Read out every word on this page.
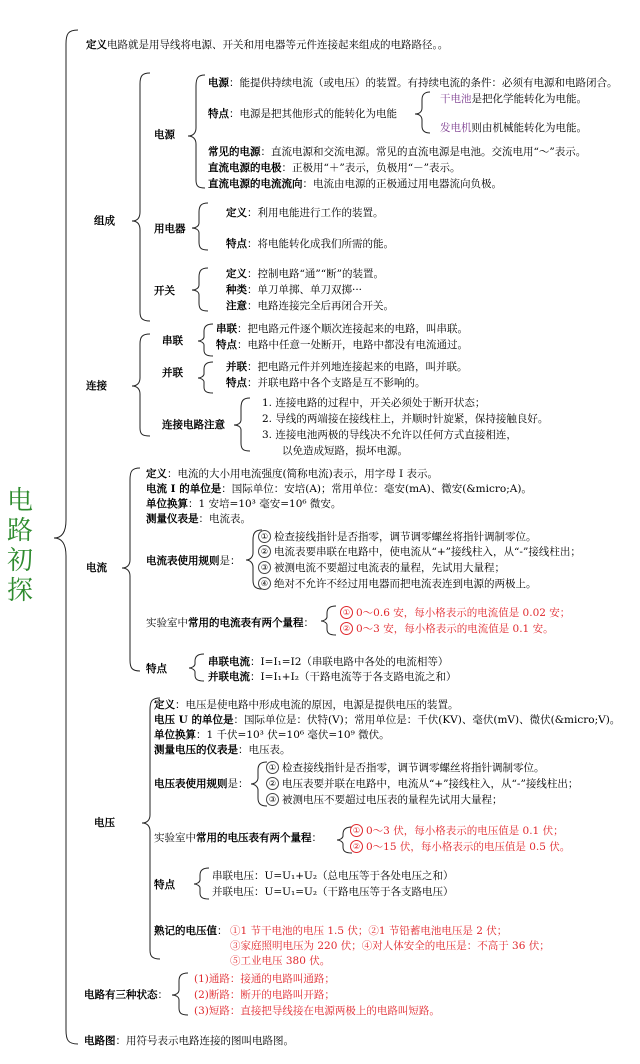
电
路
初
探
定义电路就是用导线将电源、开关和用电器等元件连接起来组成的电路路径。。
组成
电源
电源：能提供持续电流（或电压）的装置。有持续电流的条件：必须有电源和电路闭合。
特点：电源是把其他形式的能转化为电能
干电池是把化学能转化为电能。
发电机则由机械能转化为电能。
常见的电源：直流电源和交流电源。常见的直流电源是电池。交流电用“～”表示。
直流电源的电极：正极用“＋”表示，负极用“－”表示。
直流电源的电流流向：电流由电源的正极通过用电器流向负极。
用电器
定义：利用电能进行工作的装置。
特点：将电能转化成我们所需的能。
开关
定义：控制电路“通”“断”的装置。
种类：单刀单掷、单刀双掷···
注意：电路连接完全后再闭合开关。
连接
串联
串联：把电路元件逐个顺次连接起来的电路，叫串联。
特点：电路中任意一处断开，电路中都没有电流通过。
并联	并联：把电路元件并列地连接起来的电路，叫并联。
特点：并联电路中各个支路是互不影响的。
连接电路注意
1. 连接电路的过程中，开关必须处于断开状态；
2. 导线的两端接在接线柱上，并顺时针旋紧，保持接触良好。
3. 连接电池两极的导线决不允许以任何方式直接相连，
以免造成短路，损坏电源。
电流
定义：电流的大小用电流强度(简称电流)表示，用字母 I 表示。
电流 I 的单位是：国际单位：安培(A)；常用单位：毫安(mA)、微安(&micro;A)。
单位换算：1 安培=10³ 毫安=10⁶ 微安。
测量仪表是：电流表。
电流表使用规则是：
① 检查接线指针是否指零，调节调零螺丝将指针调制零位。
② 电流表要串联在电路中，使电流从“+”接线柱入，从“-”接线柱出；
③ 被测电流不要超过电流表的量程，先试用大量程；
④ 绝对不允许不经过用电器而把电流表连到电源的两极上。
实验室中常用的电流表有两个量程：
① 0～0.6 安，每小格表示的电流值是 0.02 安；
② 0～3 安，每小格表示的电流值是 0.1 安。
特点
串联电流：I=I₁=I2（串联电路中各处的电流相等）
并联电流：I=I₁+I₂（干路电流等于各支路电流之和）
电压
定义：电压是使电路中形成电流的原因，电源是提供电压的装置。
电压 U 的单位是：国际单位是：伏特(V)；常用单位是：千伏(KV)、毫伏(mV)、微伏(&micro;V)。
单位换算：1 千伏=10³ 伏=10⁶ 毫伏=10⁹ 微伏。
测量电压的仪表是：电压表。
电压表使用规则是：
① 检查接线指针是否指零，调节调零螺丝将指针调制零位。
② 电压表要并联在电路中，电流从“+”接线柱入，从“-”接线柱出；
③ 被测电压不要超过电压表的量程先试用大量程；
实验室中常用的电压表有两个量程：
① 0～3 伏，每小格表示的电压值是 0.1 伏；
② 0～15 伏，每小格表示的电压值是 0.5 伏。
特点
串联电压：U=U₁+U₂（总电压等于各处电压之和）
并联电压：U=U₁=U₂（干路电压等于各支路电压）
熟记的电压值： ①1 节干电池的电压 1.5 伏；②1 节铅蓄电池电压是 2 伏；
③家庭照明电压为 220 伏；④对人体安全的电压是：不高于 36 伏；
⑤工业电压 380 伏。
电路有三种状态：
(1)通路：接通的电路叫通路；
(2)断路：断开的电路叫开路；
(3)短路：直接把导线接在电源两极上的电路叫短路。
电路图：用符号表示电路连接的图叫电路图。
